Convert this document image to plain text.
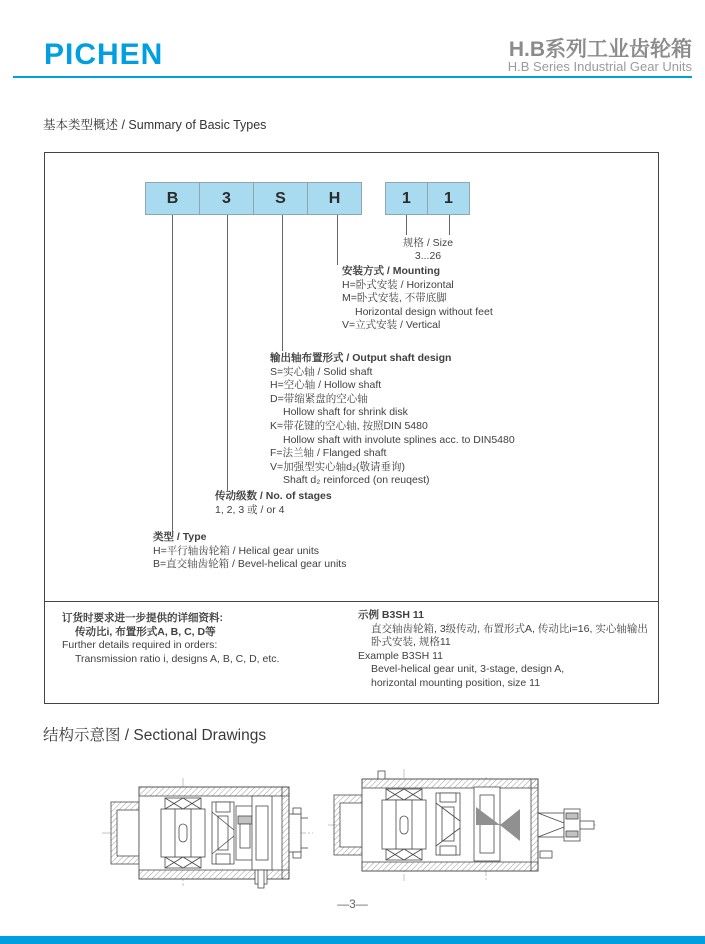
PICHEN	H.B系列工业齿轮箱
H.B Series Industrial Gear Units
基本类型概述 / Summary of Basic Types
B	3	S	H	1	1
规格 / Size
3...26
安装方式 / Mounting
H=卧式安装 / Horizontal
M=卧式安装, 不带底脚
Horizontal design without feet
V=立式安装 / Vertical
输出轴布置形式 / Output shaft design
S=实心轴 / Solid shaft
H=空心轴 / Hollow shaft
D=带缩紧盘的空心轴
Hollow shaft for shrink disk
K=带花键的空心轴, 按照DIN 5480
Hollow shaft with involute splines acc. to DIN5480
F=法兰轴 / Flanged shaft
V=加强型实心轴d₂(敬请垂询)
Shaft d₂ reinforced (on reuqest)
传动级数 / No. of stages
1, 2, 3 或 / or 4
类型 / Type
H=平行轴齿轮箱 / Helical gear units
B=直交轴齿轮箱 / Bevel-helical gear units
订货时要求进一步提供的详细资料:
传动比i, 布置形式A, B, C, D等
Further details required in orders:
Transmission ratio i, designs A, B, C, D, etc.
示例 B3SH 11
直交轴齿轮箱, 3级传动, 布置形式A, 传动比i=16, 实心轴输出
卧式安装, 规格11
Example B3SH 11
Bevel-helical gear unit, 3-stage, design A,
horizontal mounting position, size 11
结构示意图 / Sectional Drawings
—3—
